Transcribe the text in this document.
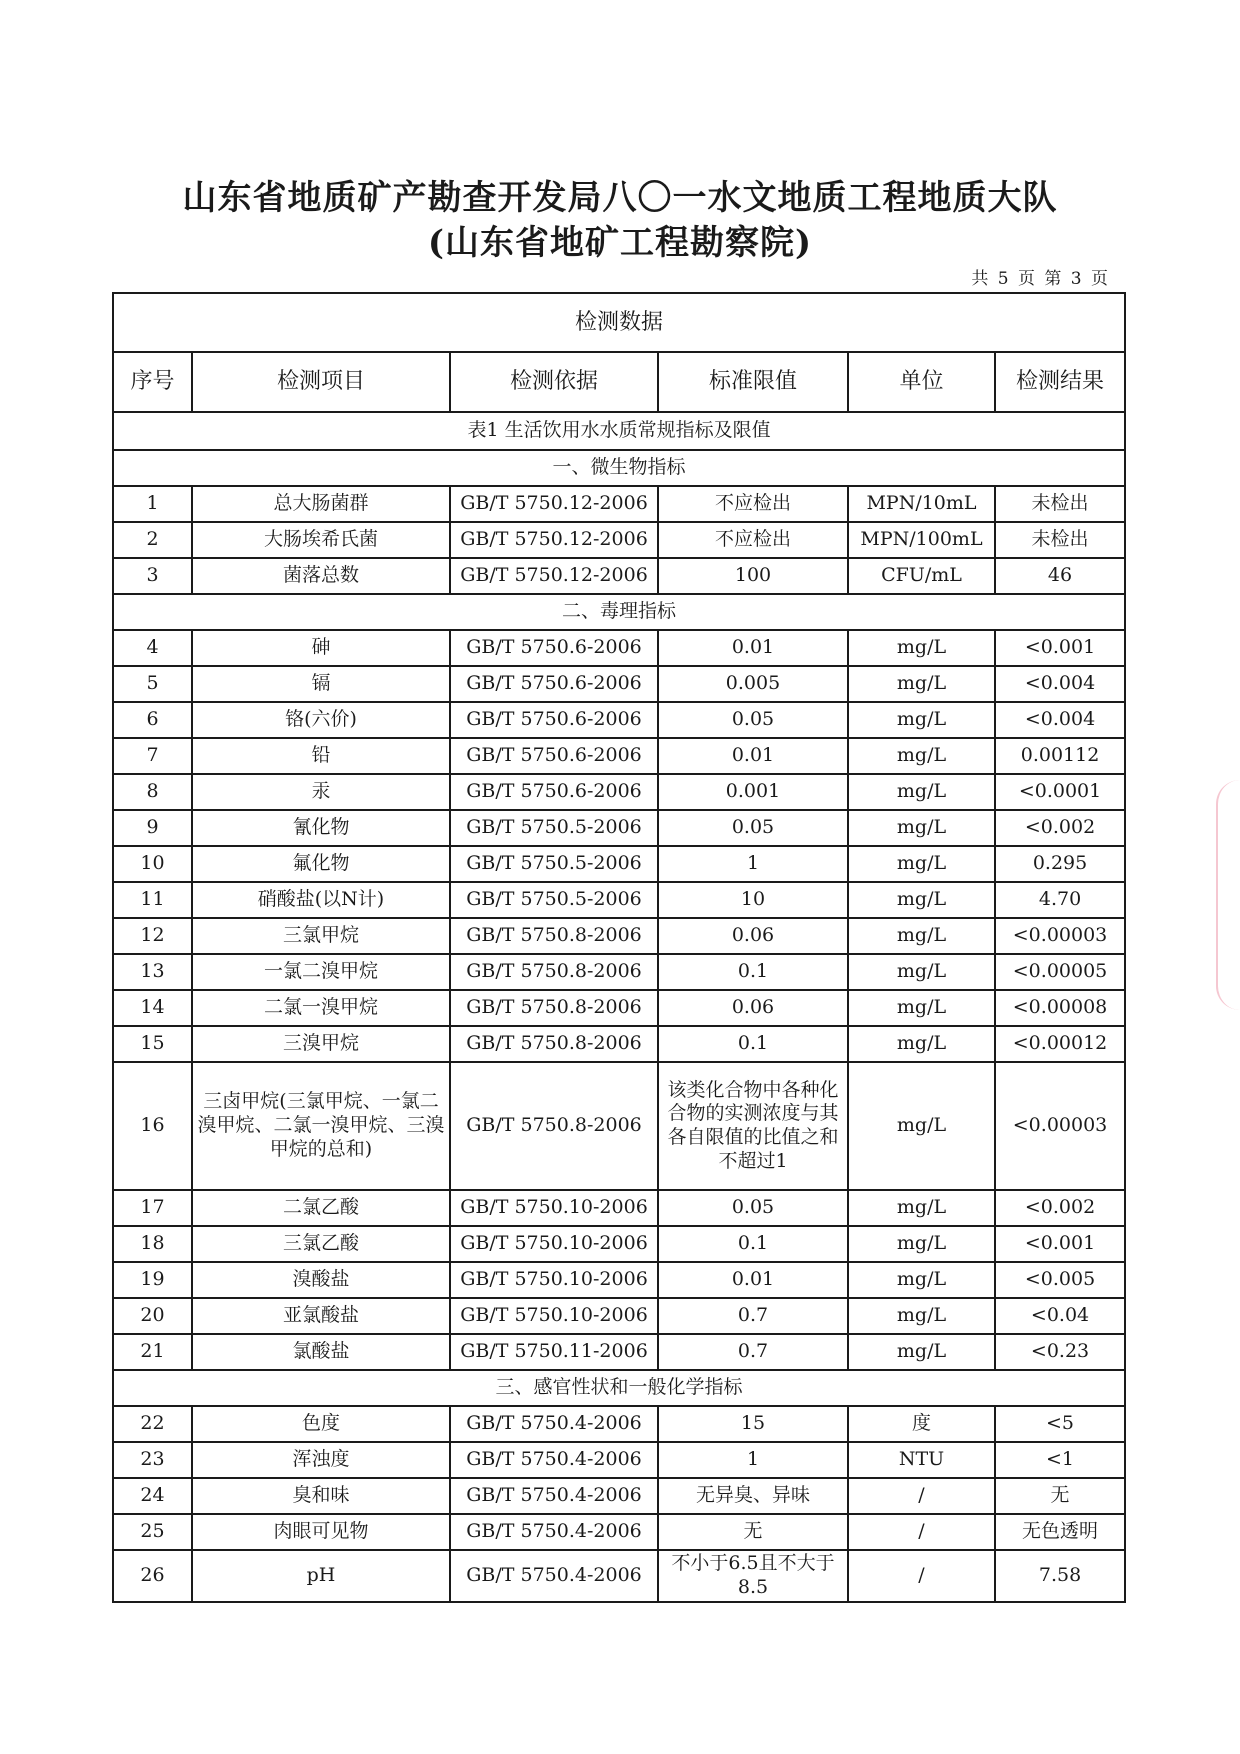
山东省地质矿产勘查开发局八〇一水文地质工程地质大队
(山东省地矿工程勘察院)
共 5 页 第 3 页
检测数据					
序号	检测项目	检测依据	标准限值	单位	检测结果
表1 生活饮用水水质常规指标及限值					
一、微生物指标					
1	总大肠菌群	GB/T 5750.12-2006	不应检出	MPN/10mL	未检出
2	大肠埃希氏菌	GB/T 5750.12-2006	不应检出	MPN/100mL	未检出
3	菌落总数	GB/T 5750.12-2006	100	CFU/mL	46
二、毒理指标					
4	砷	GB/T 5750.6-2006	0.01	mg/L	<0.001
5	镉	GB/T 5750.6-2006	0.005	mg/L	<0.004
6	铬(六价)	GB/T 5750.6-2006	0.05	mg/L	<0.004
7	铅	GB/T 5750.6-2006	0.01	mg/L	0.00112
8	汞	GB/T 5750.6-2006	0.001	mg/L	<0.0001
9	氰化物	GB/T 5750.5-2006	0.05	mg/L	<0.002
10	氟化物	GB/T 5750.5-2006	1	mg/L	0.295
11	硝酸盐(以N计)	GB/T 5750.5-2006	10	mg/L	4.70
12	三氯甲烷	GB/T 5750.8-2006	0.06	mg/L	<0.00003
13	一氯二溴甲烷	GB/T 5750.8-2006	0.1	mg/L	<0.00005
14	二氯一溴甲烷	GB/T 5750.8-2006	0.06	mg/L	<0.00008
15	三溴甲烷	GB/T 5750.8-2006	0.1	mg/L	<0.00012
16	三卤甲烷(三氯甲烷、一氯二溴甲烷、二氯一溴甲烷、三溴甲烷的总和)	GB/T 5750.8-2006	该类化合物中各种化合物的实测浓度与其各自限值的比值之和不超过1	mg/L	<0.00003
17	二氯乙酸	GB/T 5750.10-2006	0.05	mg/L	<0.002
18	三氯乙酸	GB/T 5750.10-2006	0.1	mg/L	<0.001
19	溴酸盐	GB/T 5750.10-2006	0.01	mg/L	<0.005
20	亚氯酸盐	GB/T 5750.10-2006	0.7	mg/L	<0.04
21	氯酸盐	GB/T 5750.11-2006	0.7	mg/L	<0.23
三、感官性状和一般化学指标					
22	色度	GB/T 5750.4-2006	15	度	<5
23	浑浊度	GB/T 5750.4-2006	1	NTU	<1
24	臭和味	GB/T 5750.4-2006	无异臭、异味	/	无
25	肉眼可见物	GB/T 5750.4-2006	无	/	无色透明
26	pH	GB/T 5750.4-2006	不小于6.5且不大于8.5	/	7.58
